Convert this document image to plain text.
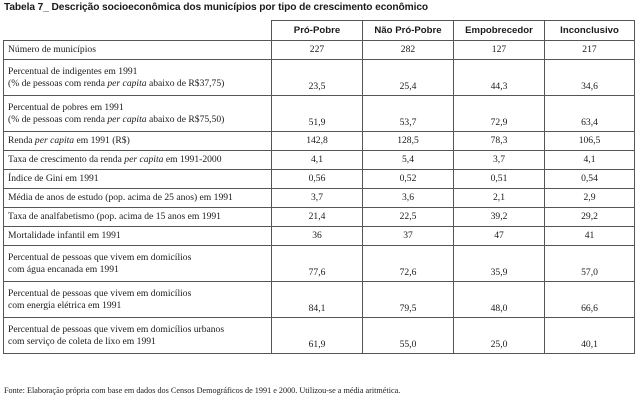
Tabela 7_ Descrição socioeconômica dos municípios por tipo de crescimento econômico
	Pró-Pobre	Não Pró-Pobre	Empobrecedor	Inconclusivo

Número de municípios	227	282	127	217

Percentual de indigentes em 1991
(% de pessoas com renda per capita abaixo de R$37,75)	23,5	25,4	44,3	34,6

Percentual de pobres em 1991
(% de pessoas com renda per capita abaixo de R$75,50)	51,9	53,7	72,9	63,4

Renda per capita em 1991 (R$)	142,8	128,5	78,3	106,5

Taxa de crescimento da renda per capita em 1991-2000	4,1	5,4	3,7	4,1

Índice de Gini em 1991	0,56	0,52	0,51	0,54

Média de anos de estudo (pop. acima de 25 anos) em 1991	3,7	3,6	2,1	2,9

Taxa de analfabetismo (pop. acima de 15 anos em 1991	21,4	22,5	39,2	29,2

Mortalidade infantil em 1991	36	37	47	41

Percentual de pessoas que vivem em domicílios
com água encanada em 1991	77,6	72,6	35,9	57,0

Percentual de pessoas que vivem em domicílios
com energia elétrica em 1991	84,1	79,5	48,0	66,6

Percentual de pessoas que vivem em domicílios urbanos
com serviço de coleta de lixo em 1991	61,9	55,0	25,0	40,1
Fonte: Elaboração própria com base em dados dos Censos Demográficos de 1991 e 2000. Utilizou-se a média aritmética.
